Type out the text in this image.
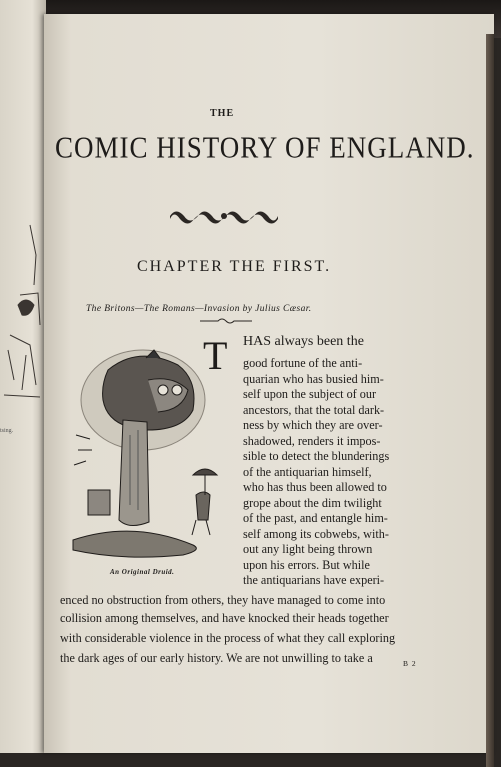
tsing.
THE
COMIC HISTORY OF ENGLAND.
CHAPTER THE FIRST.
The Britons—The Romans—Invasion by Julius Cæsar.
An Original Druid.
T HAS always been the
good fortune of the anti-
quarian who has busied him-
self upon the subject of our
ancestors, that the total dark-
ness by which they are over-
shadowed, renders it impos-
sible to detect the blunderings
of the antiquarian himself,
who has thus been allowed to
grope about the dim twilight
of the past, and entangle him-
self among its cobwebs, with-
out any light being thrown
upon his errors. But while
the antiquarians have experi-
enced no obstruction from others, they have managed to come into
collision among themselves, and have knocked their heads together
with considerable violence in the process of what they call exploring
the dark ages of our early history. We are not unwilling to take a	B 2
